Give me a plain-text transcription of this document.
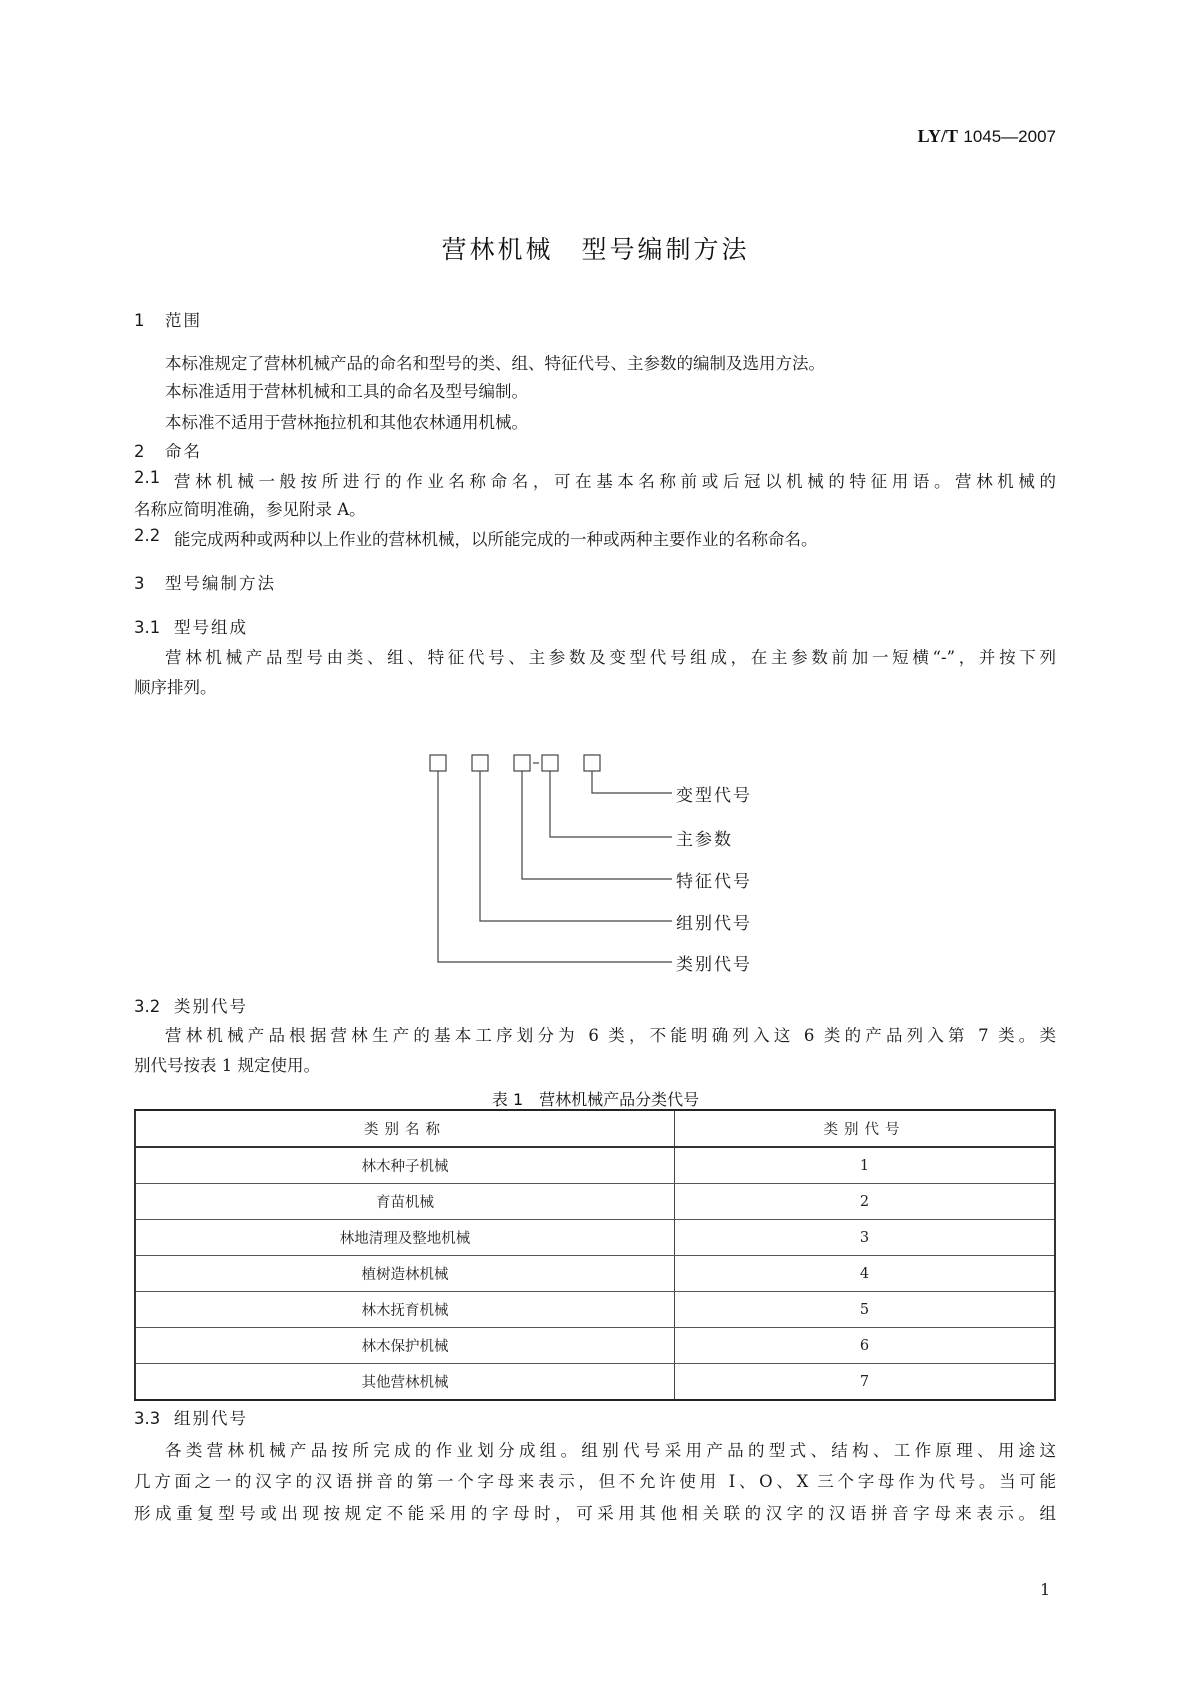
LY/T 1045—2007
营林机械　型号编制方法
1 范围
本标准规定了营林机械产品的命名和型号的类、组、特征代号、主参数的编制及选用方法。
本标准适用于营林机械和工具的命名及型号编制。
本标准不适用于营林拖拉机和其他农林通用机械。
2 命名
2.1 营林机械一般按所进行的作业名称命名，可在基本名称前或后冠以机械的特征用语。营林机械的
名称应简明准确，参见附录 A。
2.2 能完成两种或两种以上作业的营林机械，以所能完成的一种或两种主要作业的名称命名。
3 型号编制方法
3.1 型号组成
营林机械产品型号由类、组、特征代号、主参数及变型代号组成，在主参数前加一短横“-”，并按下列
顺序排列。
变型代号
主参数
特征代号
组别代号
类别代号
3.2 类别代号
营林机械产品根据营林生产的基本工序划分为 6 类，不能明确列入这 6 类的产品列入第 7 类。类
别代号按表 1 规定使用。
表 1　营林机械产品分类代号
类别名称	类别代号
林木种子机械	1
育苗机械	2
林地清理及整地机械	3
植树造林机械	4
林木抚育机械	5
林木保护机械	6
其他营林机械	7
3.3 组别代号
各类营林机械产品按所完成的作业划分成组。组别代号采用产品的型式、结构、工作原理、用途这
几方面之一的汉字的汉语拼音的第一个字母来表示，但不允许使用 I、O、X 三个字母作为代号。当可能
形成重复型号或出现按规定不能采用的字母时，可采用其他相关联的汉字的汉语拼音字母来表示。组
1
